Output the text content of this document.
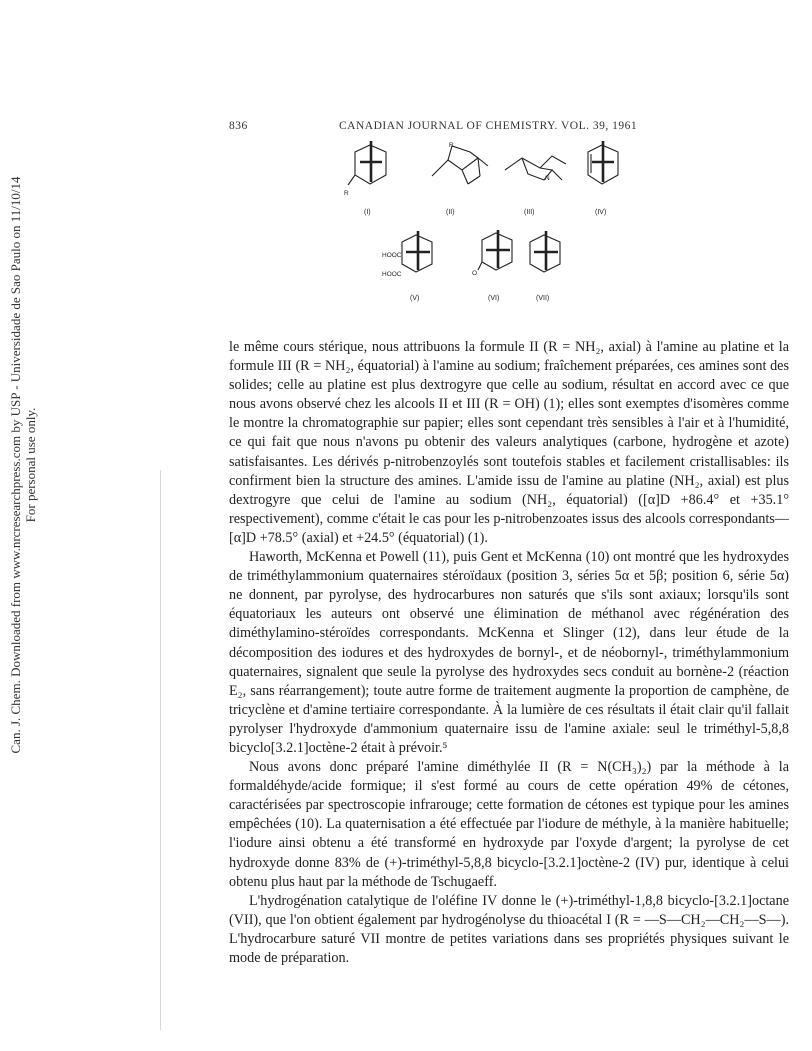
Can. J. Chem. Downloaded from www.nrcresearchpress.com by USP - Universidade de Sao Paulo on 11/10/14 For personal use only.
836	CANADIAN JOURNAL OF CHEMISTRY. VOL. 39, 1961
R
R
N
HOOC
HOOC	O
(I)	(II)	(III)	(IV)
(V)	(VI)	(VII)

le même cours stérique, nous attribuons la formule II (R = NH₂, axial) à l'amine au platine et la formule III (R = NH₂, équatorial) à l'amine au sodium; fraîchement préparées, ces amines sont des solides; celle au platine est plus dextrogyre que celle au sodium, résultat en accord avec ce que nous avons observé chez les alcools II et III (R = OH) (1); elles sont exemptes d'isomères comme le montre la chromatographie sur papier; elles sont cependant très sensibles à l'air et à l'humidité, ce qui fait que nous n'avons pu obtenir des valeurs analytiques (carbone, hydrogène et azote) satisfaisantes. Les dérivés p-nitrobenzoylés sont toutefois stables et facilement cristallisables: ils confirment bien la structure des amines. L'amide issu de l'amine au platine (NH₂, axial) est plus dextrogyre que celui de l'amine au sodium (NH₂, équatorial) ([α]D +86.4° et +35.1° respectivement), comme c'était le cas pour les p-nitrobenzoates issus des alcools correspondants—[α]D +78.5° (axial) et +24.5° (équatorial) (1).

Haworth, McKenna et Powell (11), puis Gent et McKenna (10) ont montré que les hydroxydes de triméthylammonium quaternaires stéroïdaux (position 3, séries 5α et 5β; position 6, série 5α) ne donnent, par pyrolyse, des hydrocarbures non saturés que s'ils sont axiaux; lorsqu'ils sont équatoriaux les auteurs ont observé une élimination de méthanol avec régénération des diméthylamino-stéroïdes correspondants. McKenna et Slinger (12), dans leur étude de la décomposition des iodures et des hydroxydes de bornyl-, et de néobornyl-, triméthylammonium quaternaires, signalent que seule la pyrolyse des hydroxydes secs conduit au bornène-2 (réaction E₂, sans réarrangement); toute autre forme de traitement augmente la proportion de camphène, de tricyclène et d'amine tertiaire correspondante. À la lumière de ces résultats il était clair qu'il fallait pyrolyser l'hydroxyde d'ammonium quaternaire issu de l'amine axiale: seul le triméthyl-5,8,8 bicyclo[3.2.1]octène-2 était à prévoir.⁵

Nous avons donc préparé l'amine diméthylée II (R = N(CH₃)₂) par la méthode à la formaldéhyde/acide formique; il s'est formé au cours de cette opération 49% de cétones, caractérisées par spectroscopie infrarouge; cette formation de cétones est typique pour les amines empêchées (10). La quaternisation a été effectuée par l'iodure de méthyle, à la manière habituelle; l'iodure ainsi obtenu a été transformé en hydroxyde par l'oxyde d'argent; la pyrolyse de cet hydroxyde donne 83% de (+)-triméthyl-5,8,8 bicyclo-[3.2.1]octène-2 (IV) pur, identique à celui obtenu plus haut par la méthode de Tschugaeff.

L'hydrogénation catalytique de l'oléfine IV donne le (+)-triméthyl-1,8,8 bicyclo-[3.2.1]octane (VII), que l'on obtient également par hydrogénolyse du thioacétal I (R = —S—CH₂—CH₂—S—). L'hydrocarbure saturé VII montre de petites variations dans ses propriétés physiques suivant le mode de préparation.
